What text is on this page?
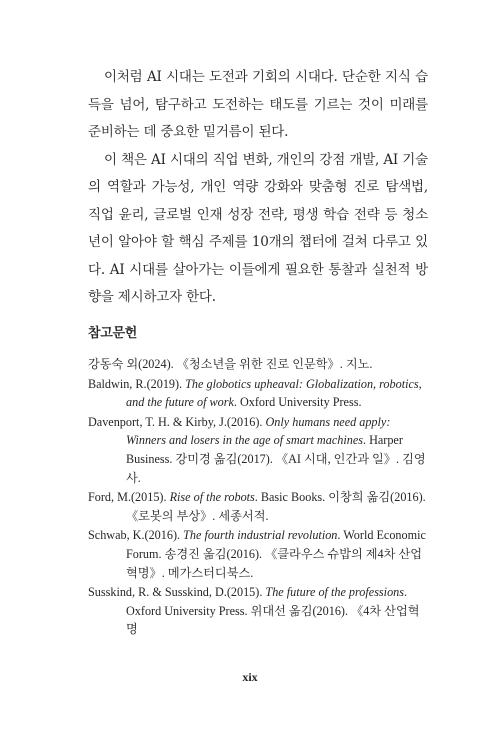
이처럼 AI 시대는 도전과 기회의 시대다. 단순한 지식 습득을 넘어, 탐구하고 도전하는 태도를 기르는 것이 미래를 준비하는 데 중요한 밑거름이 된다.

이 책은 AI 시대의 직업 변화, 개인의 강점 개발, AI 기술의 역할과 가능성, 개인 역량 강화와 맞춤형 진로 탐색법, 직업 윤리, 글로벌 인재 성장 전략, 평생 학습 전략 등 청소년이 알아야 할 핵심 주제를 10개의 챕터에 걸쳐 다루고 있다. AI 시대를 살아가는 이들에게 필요한 통찰과 실천적 방향을 제시하고자 한다.

참고문헌
강동숙 외(2024). 《청소년을 위한 진로 인문학》. 지노.
Baldwin, R.(2019). The globotics upheaval: Globalization, robotics, and the future of work. Oxford University Press.
Davenport, T. H. & Kirby, J.(2016). Only humans need apply: Winners and losers in the age of smart machines. Harper Business. 강미경 옮김(2017). 《AI 시대, 인간과 일》. 김영사.
Ford, M.(2015). Rise of the robots. Basic Books. 이창희 옮김(2016). 《로봇의 부상》. 세종서적.
Schwab, K.(2016). The fourth industrial revolution. World Economic Forum. 송경진 옮김(2016). 《클라우스 슈밥의 제4차 산업혁명》. 메가스터디북스.
Susskind, R. & Susskind, D.(2015). The future of the professions. Oxford University Press. 위대선 옮김(2016). 《4차 산업혁명
xix
